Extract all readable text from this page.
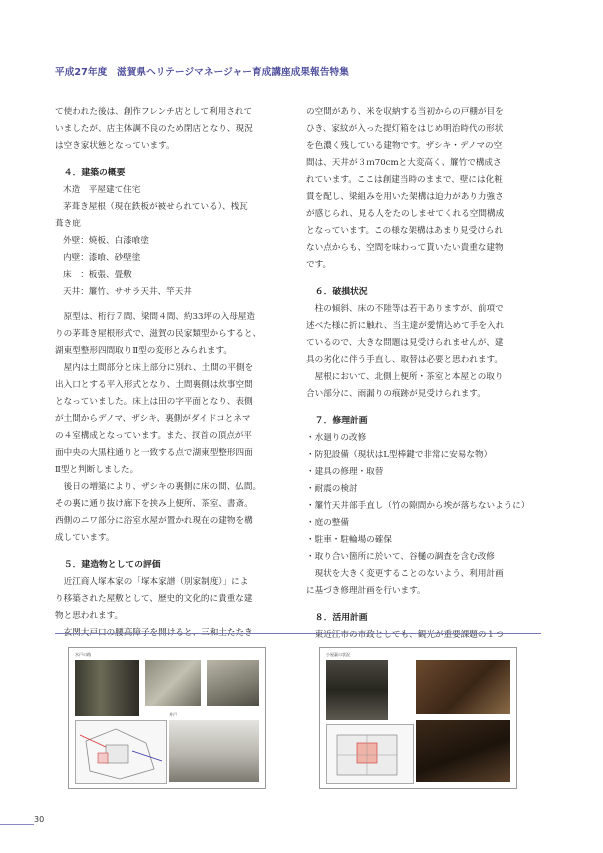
平成27年度　滋賀県ヘリテージマネージャー育成講座成果報告特集

て使われた後は、創作フレンチ店として利用されて

いましたが、店主体調不良のため閉店となり、現況

は空き家状態となっています。

４．建築の概要

木造　平屋建て住宅

茅葺き屋根（現在鉄板が被せられている）、桟瓦

葺き庇

外壁：焼板、白漆喰塗

内壁：漆喰、砂壁塗

床　：板張、畳敷

天井：簾竹、ササラ天井、竿天井

原型は、桁行７間、梁間４間、約33坪の入母屋造

りの茅葺き屋根形式で、滋賀の民家類型からすると、

湖東型整形四間取りⅡ型の変形とみられます。

屋内は土間部分と床上部分に別れ、土間の平側を

出入口とする平入形式となり、土間裏側は炊事空間

となっていました。床上は田の字平面となり、表側

が土間からデノマ、ザシキ、裏側がダイドコとネマ

の４室構成となっています。また、扠首の頂点が平

面中央の大黒柱通りと一致する点で湖東型整形四面

Ⅱ型と判断しました。

後日の増築により、ザシキの裏側に床の間、仏間。

その裏に通り抜け廊下を挟み上便所、茶室、書斎。

西側のニワ部分に浴室水屋が置かれ現在の建物を構

成しています。

５．建造物としての評価

近江商人塚本家の「塚本家譜（別家制度）」によ

り移築された屋敷として、歴史的文化的に貴重な建

物と思われます。

玄関大戸口の腰高障子を開けると、三和土たたき

の空間があり、米を収納する当初からの戸棚が目を

ひき、家紋が入った提灯箱をはじめ明治時代の形状

を色濃く残している建物です。ザシキ・デノマの空

間は、天井が３ｍ70cmと大変高く、簾竹で構成さ

れています。ここは創建当時のままで、壁には化粧

貫を配し、梁組みを用いた架構は迫力があり力強さ

が感じられ、見る人をたのしませてくれる空間構成

となっています。この様な架構はあまり見受けられ

ない点からも、空間を味わって貰いたい貴重な建物

です。

６．破損状況

柱の傾斜、床の不陸等は若干ありますが、前項で

述べた様に折に触れ、当主達が愛情込めて手を入れ

ているので、大きな問題は見受けられませんが、建

具の劣化に伴う手直し、取替は必要と思われます。

屋根において、北側上便所・茶室と本屋との取り

合い部分に、雨漏りの痕跡が見受けられます。

７．修理計画

・水廻りの改修

・防犯設備（現状はL型棒鍵で非常に安易な物）

・建具の修理・取替

・耐震の検討

・簾竹天井部手直し（竹の隙間から埃が落ちないように）

・庭の整備

・駐車・駐輪場の確保

・取り合い箇所に於いて、谷樋の調査を含む改修

現状を大きく変更することのないよう、利用計画

に基づき修理計画を行います。

８．活用計画

東近江市の市政としても、観光が重要課題の１つ

水戸の路
井戸
小屋裏の状況
30
